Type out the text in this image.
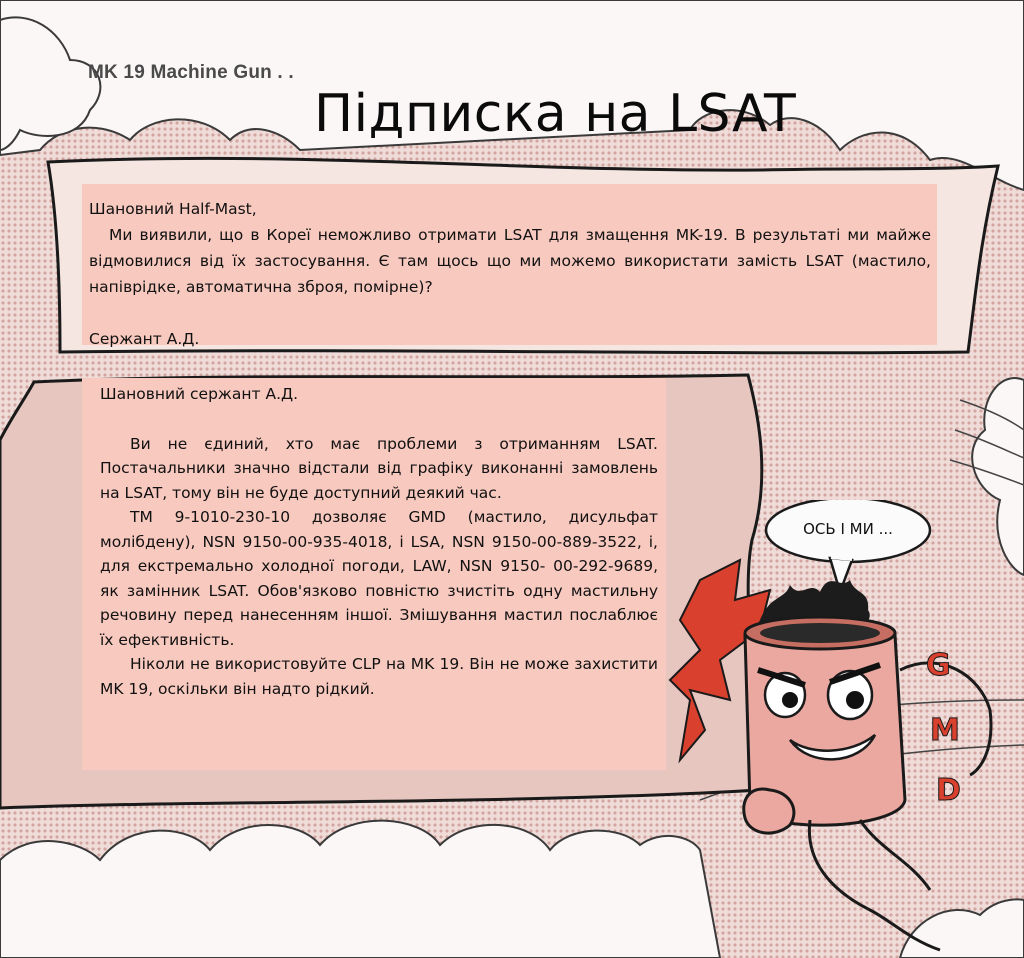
MK 19 Machine Gun . .
Підписка на LSAT

Шановний Half-Mast,

Ми виявили, що в Кореї неможливо отримати LSAT для змащення MK-19. В результаті ми майже відмовилися від їх застосування. Є там щось що ми можемо використати замість LSAT (мастило, напіврідке, автоматична зброя, помірне)?

Сержант А.Д.

Шановний сержант А.Д.

Ви не єдиний, хто має проблеми з отриманням LSAT. Постачальники значно відстали від графіку виконанні замовлень на LSAT, тому він не буде доступний деякий час.

TM 9-1010-230-10 дозволяє GMD (мастило, дисульфат молібдену), NSN 9150-00-935-4018, і LSA, NSN 9150-00-889-3522, і, для екстремально холодної погоди, LAW, NSN 9150- 00-292-9689, як замінник LSAT. Обов'язково повністю зчистіть одну мастильну речовину перед нанесенням іншої. Змішування мастил послаблює їх ефективність.

Ніколи не використовуйте CLP на MK 19. Він не може захистити MK 19, оскільки він надто рідкий.

G
M
D
ОСЬ І МИ ...
